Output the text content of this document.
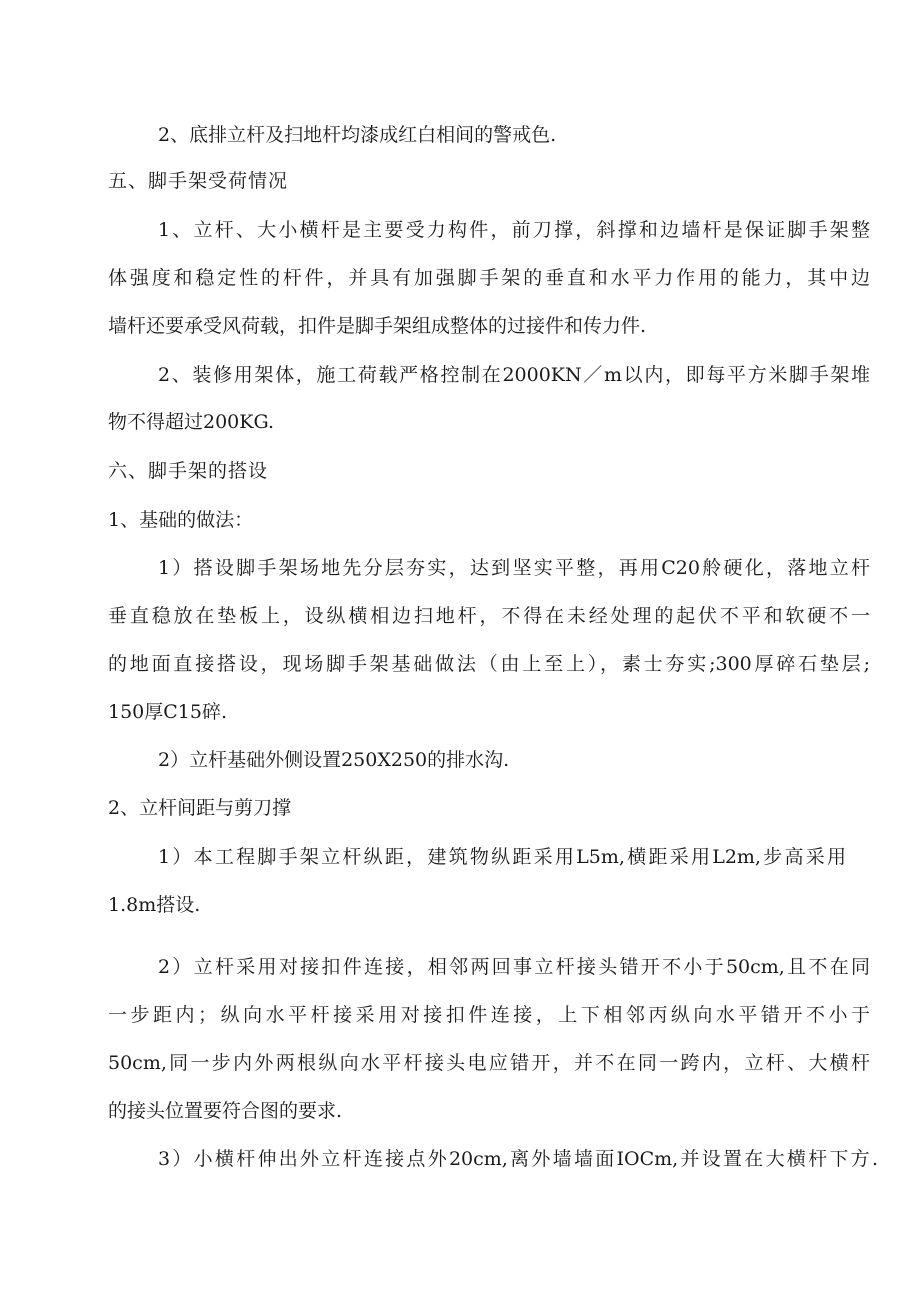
2、底排立杆及扫地杆均漆成红白相间的警戒色.
五、脚手架受荷情况
1、立杆、大小横杆是主要受力构件，前刀撑，斜撑和边墙杆是保证脚手架整
体强度和稳定性的杆件，并具有加强脚手架的垂直和水平力作用的能力，其中边
墙杆还要承受风荷载，扣件是脚手架组成整体的过接件和传力件.
2、装修用架体，施工荷载严格控制在2000KN／m以内，即每平方米脚手架堆
物不得超过200KG.
六、脚手架的搭设
1、基础的做法：
1）搭设脚手架场地先分层夯实，达到坚实平整，再用C20舲硬化，落地立杆
垂直稳放在垫板上，设纵横相边扫地杆，不得在未经处理的起伏不平和软硬不一
的地面直接搭设，现场脚手架基础做法（由上至上），素士夯实;300厚碎石垫层;
150厚C15碎.
2）立杆基础外侧设置250X250的排水沟.
2、立杆间距与剪刀撑
1）本工程脚手架立杆纵距，建筑物纵距采用L5m,横距采用L2m,步高采用
1.8m搭设.
2）立杆采用对接扣件连接，相邻两回事立杆接头错开不小于50cm,且不在同
一步距内；纵向水平杆接采用对接扣件连接，上下相邻丙纵向水平错开不小于
50cm,同一步内外两根纵向水平杆接头电应错开，并不在同一跨内，立杆、大横杆
的接头位置要符合图的要求.
3）小横杆伸出外立杆连接点外20cm,离外墙墙面IOCm,并设置在大横杆下方.
